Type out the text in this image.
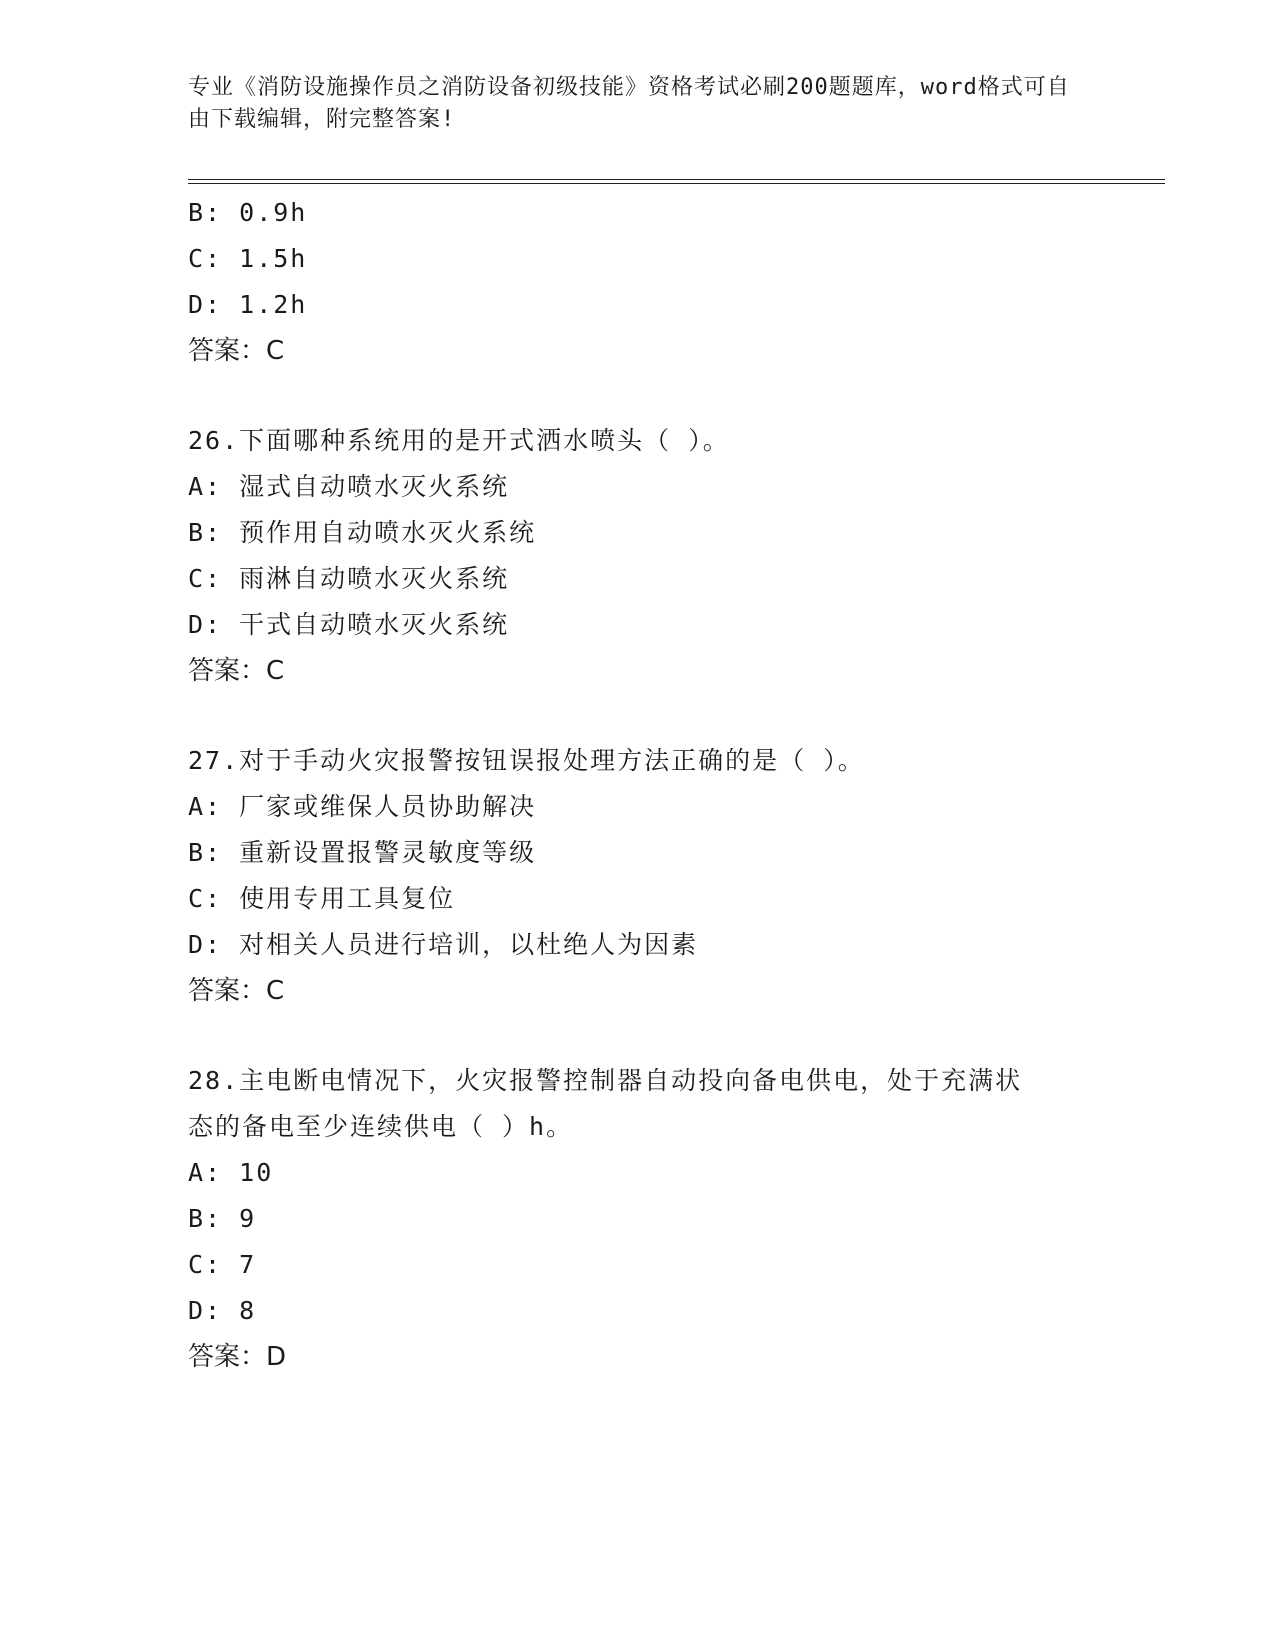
专业《消防设施操作员之消防设备初级技能》资格考试必刷200题题库，word格式可自由下载编辑，附完整答案!
B: 0.9h
C: 1.5h
D: 1.2h
答案：C
26.下面哪种系统用的是开式洒水喷头（ ）。
A: 湿式自动喷水灭火系统
B: 预作用自动喷水灭火系统
C: 雨淋自动喷水灭火系统
D: 干式自动喷水灭火系统
答案：C
27.对于手动火灾报警按钮误报处理方法正确的是（ ）。
A: 厂家或维保人员协助解决
B: 重新设置报警灵敏度等级
C: 使用专用工具复位
D: 对相关人员进行培训，以杜绝人为因素
答案：C
28.主电断电情况下，火灾报警控制器自动投向备电供电，处于充满状
态的备电至少连续供电（ ）h。
A: 10
B: 9
C: 7
D: 8
答案：D
